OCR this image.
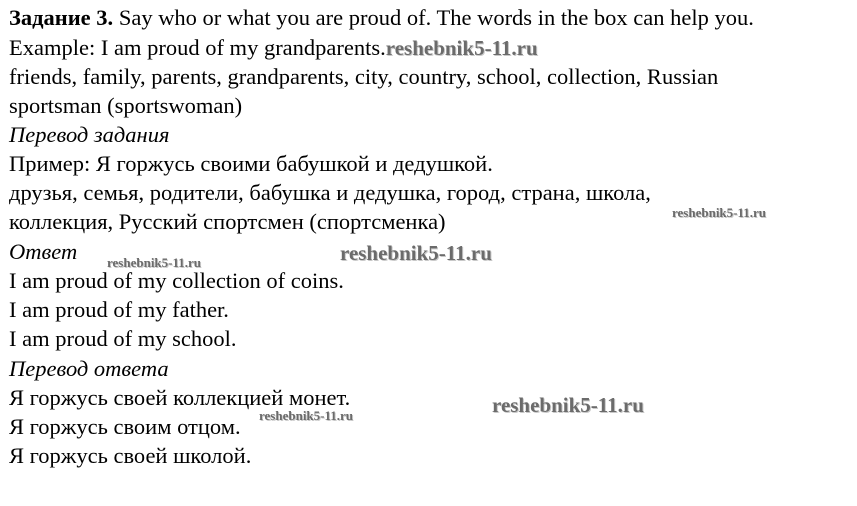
Задание 3. Say who or what you are proud of. The words in the box can help you.
Example: I am proud of my grandparents.reshebnik5-11.ru
friends, family, parents, grandparents, city, country, school, collection, Russian
sportsman (sportswoman)
Перевод задания
Пример: Я горжусь своими бабушкой и дедушкой.
друзья, семья, родители, бабушка и дедушка, город, страна, школа,
коллекция, Русский спортсмен (спортсменка)
Ответ
I am proud of my collection of coins.
I am proud of my father.
I am proud of my school.
Перевод ответа
Я горжусь своей коллекцией монет.
Я горжусь своим отцом.
Я горжусь своей школой.
reshebnik5-11.ru
reshebnik5-11.ru	reshebnik5-11.ru
reshebnik5-11.ru	reshebnik5-11.ru
